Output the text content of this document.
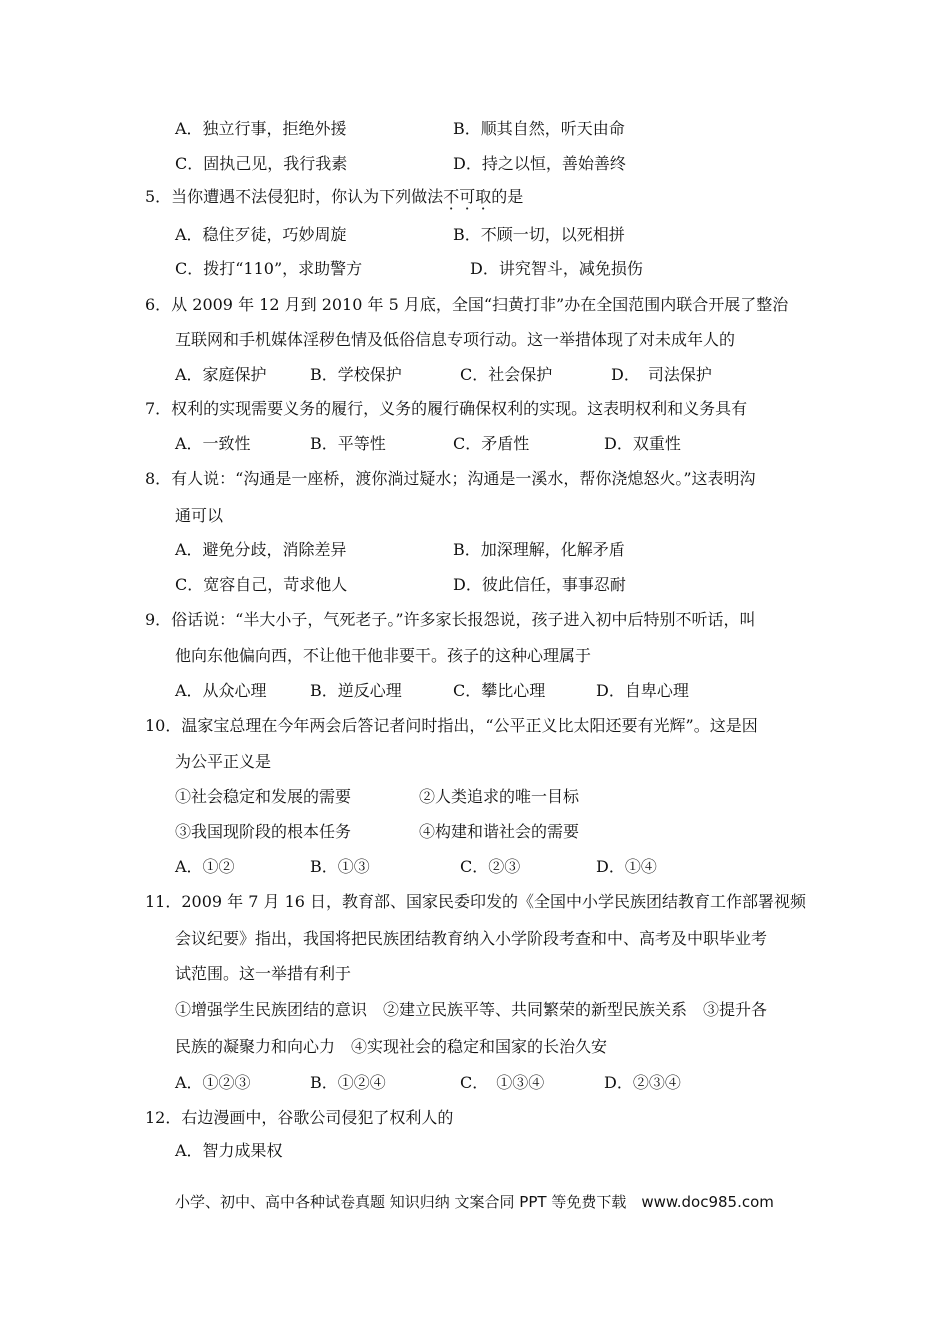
A．独立行事，拒绝外援	B．顺其自然，听天由命
C．固执己见，我行我素	D．持之以恒，善始善终
5．当你遭遇不法侵犯时，你认为下列做法不可取的是
A．稳住歹徒，巧妙周旋	B．不顾一切，以死相拼
C．拨打“110”，求助警方	D．讲究智斗，减免损伤
6．从 2009 年 12 月到 2010 年 5 月底，全国“扫黄打非”办在全国范围内联合开展了整治
互联网和手机媒体淫秽色情及低俗信息专项行动。这一举措体现了对未成年人的
A．家庭保护	B．学校保护	C．社会保护	D．　司法保护
7．权利的实现需要义务的履行，义务的履行确保权利的实现。这表明权利和义务具有
A．一致性	B．平等性	C．矛盾性	D．双重性
8．有人说：“沟通是一座桥，渡你淌过疑水；沟通是一溪水，帮你浇熄怒火。”这表明沟
通可以
A．避免分歧，消除差异	B．加深理解，化解矛盾
C．宽容自己，苛求他人	D．彼此信任，事事忍耐
9．俗话说：“半大小子，气死老子。”许多家长报怨说，孩子进入初中后特别不听话，叫
他向东他偏向西，不让他干他非要干。孩子的这种心理属于
A．从众心理	B．逆反心理	C．攀比心理	D．自卑心理
10．温家宝总理在今年两会后答记者问时指出，“公平正义比太阳还要有光辉”。这是因
为公平正义是
①社会稳定和发展的需要	②人类追求的唯一目标
③我国现阶段的根本任务	④构建和谐社会的需要
A．①②	B．①③	C．②③	D．①④
11．2009 年 7 月 16 日，教育部、国家民委印发的《全国中小学民族团结教育工作部署视频
会议纪要》指出，我国将把民族团结教育纳入小学阶段考查和中、高考及中职毕业考
试范围。这一举措有利于
①增强学生民族团结的意识　②建立民族平等、共同繁荣的新型民族关系　③提升各
民族的凝聚力和向心力　④实现社会的稳定和国家的长治久安
A．①②③	B．①②④	C．　①③④	D．②③④
12．右边漫画中，谷歌公司侵犯了权利人的
A．智力成果权
小学、初中、高中各种试卷真题 知识归纳 文案合同 PPT 等免费下载　www.doc985.com
